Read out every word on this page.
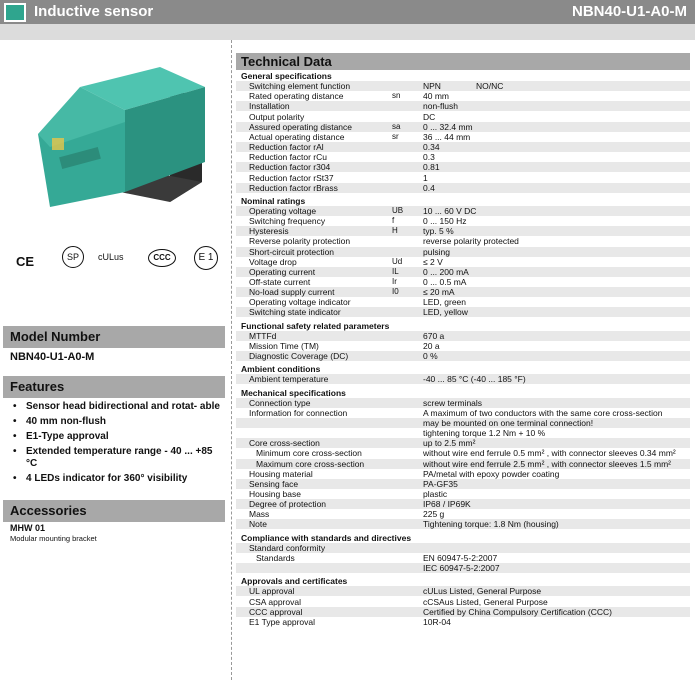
Inductive sensor	NBN40-U1-A0-M
CE	SP	cULus	CCC	E 1
Model Number
NBN40-U1-A0-M
Features
• Sensor head bidirectional and rotat- able
• 40 mm non-flush
• E1-Type approval
• Extended temperature range - 40 ... +85 °C
• 4 LEDs indicator for 360° visibility
Accessories
MHW 01
Modular mounting bracket
Technical Data
General specifications
Switching element function	NPN	NO/NC
Rated operating distance	sn	40 mm
Installation	non-flush
Output polarity	DC
Assured operating distance	sa	0 ... 32.4 mm
Actual operating distance	sr	36 ... 44 mm
Reduction factor rAl	0.34
Reduction factor rCu	0.3
Reduction factor r304	0.81
Reduction factor rSt37	1
Reduction factor rBrass	0.4
Nominal ratings
Operating voltage	UB 10 ... 60 V DC
Switching frequency	f	0 ... 150 Hz
Hysteresis	H	typ. 5 %
Reverse polarity protection	reverse polarity protected
Short-circuit protection	pulsing
Voltage drop	Ud ≤ 2 V
Operating current	IL	0 ... 200 mA
Off-state current	Ir	0 ... 0.5 mA
No-load supply current	I0	≤ 20 mA
Operating voltage indicator	LED, green
Switching state indicator	LED, yellow
Functional safety related parameters
MTTFd	670 a
Mission Time (TM)	20 a
Diagnostic Coverage (DC)	0 %
Ambient conditions
Ambient temperature	-40 ... 85 °C (-40 ... 185 °F)
Mechanical specifications
Connection type	screw terminals
Information for connection	A maximum of two conductors with the same core cross-section
may be mounted on one terminal connection!
tightening torque 1.2 Nm + 10 %
Core cross-section	up to 2.5 mm²
Minimum core cross-section	without wire end ferrule 0.5 mm² , with connector sleeves 0.34 mm²
Maximum core cross-section	without wire end ferrule 2.5 mm² , with connector sleeves 1.5 mm²
Housing material	PA/metal with epoxy powder coating
Sensing face	PA-GF35
Housing base	plastic
Degree of protection	IP68 / IP69K
Mass	225 g
Note	Tightening torque: 1.8 Nm (housing)
Compliance with standards and directives
Standard conformity
Standards	EN 60947-5-2:2007
IEC 60947-5-2:2007
Approvals and certificates
UL approval	cULus Listed, General Purpose
CSA approval	cCSAus Listed, General Purpose
CCC approval	Certified by China Compulsory Certification (CCC)
E1 Type approval	10R-04
